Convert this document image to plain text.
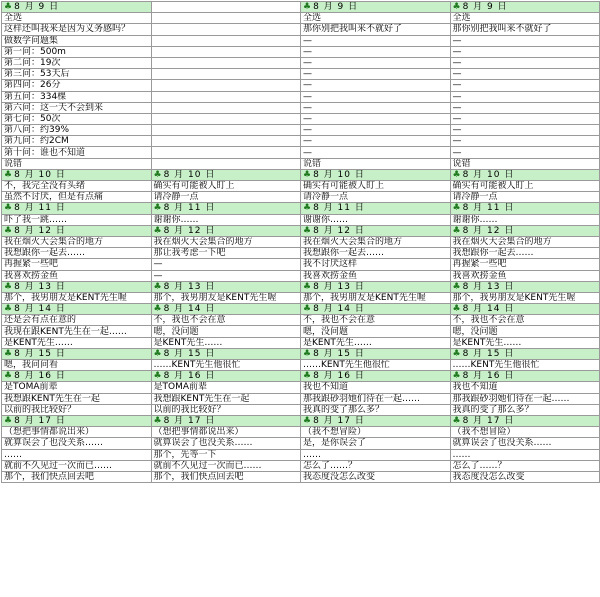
♣ 8 月 9 日		♣ 8 月 9 日	♣ 8 月 9 日
全选		全选	全选
这样还叫我来是因为义务感吗？		那你别把我叫来不就好了	那你别把我叫来不就好了
做数学问题集		—	—
第一问：500m		—	—
第二问：19次		—	—
第三问：53天后		—	—
第四问：26分		—	—
第五问：334棵		—	—
第六问：这一天不会到来		—	—
第七问：50次		—	—
第八问：约39%		—	—
第九问：约2CM		—	—
第十问：谁也不知道		—	—
说错		说错	说错
♣ 8 月 10 日	♣ 8 月 10 日	♣ 8 月 10 日	♣ 8 月 10 日
不，我完全没有头绪	确实有可能被人盯上	确实有可能被人盯上	确实有可能被人盯上
虽然不讨厌，但是有点痛	请冷静一点	请冷静一点	请冷静一点
♣ 8 月 11 日	♣ 8 月 11 日	♣ 8 月 11 日	♣ 8 月 11 日
吓了我一跳……	谢谢你……	谢谢你……	谢谢你……
♣ 8 月 12 日	♣ 8 月 12 日	♣ 8 月 12 日	♣ 8 月 12 日
我在烟火大会集合的地方	我在烟火大会集合的地方	我在烟火大会集合的地方	我在烟火大会集合的地方
我想跟你一起去……	那让我考虑一下吧	我想跟你一起去……	我想跟你一起去……
再握紧一些吧	—	我不讨厌这样	再握紧一些吧
我喜欢捞金鱼	—	我喜欢捞金鱼	我喜欢捞金鱼
♣ 8 月 13 日	♣ 8 月 13 日	♣ 8 月 13 日	♣ 8 月 13 日
那个，我男朋友是KENT先生喔	那个，我男朋友是KENT先生喔	那个，我男朋友是KENT先生喔	那个，我男朋友是KENT先生喔
♣ 8 月 14 日	♣ 8 月 14 日	♣ 8 月 14 日	♣ 8 月 14 日
还是会有点在意的	不，我也不会在意	不，我也不会在意	不，我也不会在意
我现在跟KENT先生在一起……	嗯，没问题	嗯，没问题	嗯，没问题
是KENT先生……	是KENT先生……	是KENT先生……	是KENT先生……
♣ 8 月 15 日	♣ 8 月 15 日	♣ 8 月 15 日	♣ 8 月 15 日
嗯，我问问看	……KENT先生他很忙	……KENT先生他很忙	……KENT先生他很忙
♣ 8 月 16 日	♣ 8 月 16 日	♣ 8 月 16 日	♣ 8 月 16 日
是TOMA前辈	是TOMA前辈	我也不知道	我也不知道
我想跟KENT先生在一起	我想跟KENT先生在一起	那我跟砂羽她们待在一起……	那我跟砂羽她们待在一起……
以前的我比较好？	以前的我比较好？	我真的变了那么多？	我真的变了那么多？
♣ 8 月 17 日	♣ 8 月 17 日	♣ 8 月 17 日	♣ 8 月 17 日
（想把事情都说出来）	（想把事情都说出来）	（我不想冒险）	（我不想冒险）
就算误会了也没关系……	就算误会了也没关系……	是，是你误会了	就算误会了也没关系……
……	那个，先等一下	……	……
就前不久见过一次而已……	就前不久见过一次而已……	怎么了……？	怎么了……？
那个，我们快点回去吧	那个，我们快点回去吧	我态度没怎么改变	我态度没怎么改变
